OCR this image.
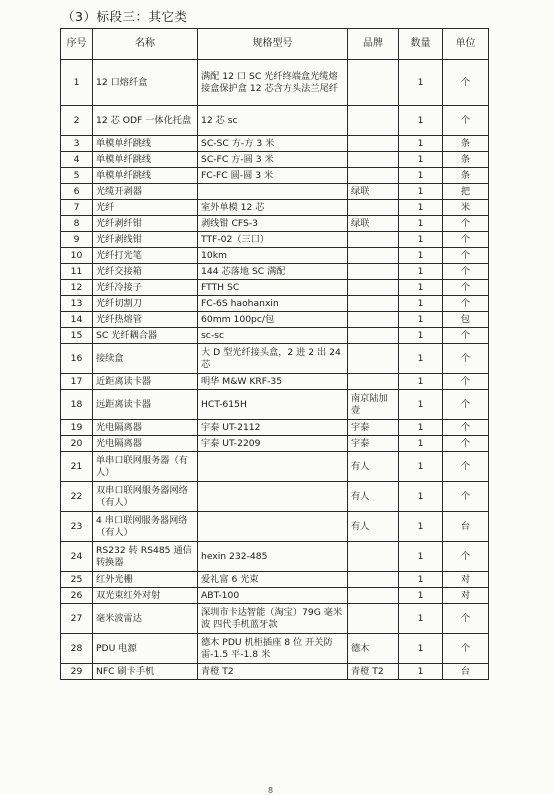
（3）标段三：其它类
序号	名称	规格型号	品牌	数量	单位
1	12 口熔纤盒	满配 12 口 SC 光纤终端盒光缆熔接盒保护盒 12 芯含方头法兰尾纤		1	个
2	12 芯 ODF 一体化托盘	12 芯 sc		1	个
3	单模单纤跳线	SC-SC 方-方 3 米		1	条
4	单模单纤跳线	SC-FC 方-圆 3 米		1	条
5	单模单纤跳线	FC-FC 圆-圆 3 米		1	条
6	光缆开剥器		绿联	1	把
7	光纤	室外单模 12 芯		1	米
8	光纤剥纤钳	剥线钳 CFS-3	绿联	1	个
9	光纤剥线钳	TTF-02（三口）		1	个
10	光纤打光笔	10km		1	个
11	光纤交接箱	144 芯落地 SC 满配		1	个
12	光纤冷接子	FTTH SC		1	个
13	光纤切割刀	FC-6S haohanxin		1	个
14	光纤热熔管	60mm 100pc/包		1	包
15	SC 光纤耦合器	sc-sc		1	个
16	接续盒	大 D 型光纤接头盒，2 进 2 出 24 芯		1	个
17	近距离读卡器	明华 M&W KRF-35		1	个
18	远距离读卡器	HCT-615H	南京陆加壹	1	个
19	光电隔离器	宇泰 UT-2112	宇泰	1	个
20	光电隔离器	宇泰 UT-2209	宇泰	1	个
21	单串口联网服务器（有人）		有人	1	个
22	双串口联网服务器网络（有人）		有人	1	个
23	4 串口联网服务器网络（有人）		有人	1	台
24	RS232 转 RS485 通信转换器	hexin 232-485		1	个
25	红外光栅	爱礼富 6 光束		1	对
26	双光束红外对射	ABT-100		1	对
27	毫米波雷达	深圳市卡达智能（淘宝）79G 毫米波 四代手机蓝牙款		1	个
28	PDU 电源	德木 PDU 机柜插座 8 位 开关防雷-1.5 平-1.8 米	德木	1	个
29	NFC 刷卡手机	青橙 T2	青橙 T2	1	台
8
